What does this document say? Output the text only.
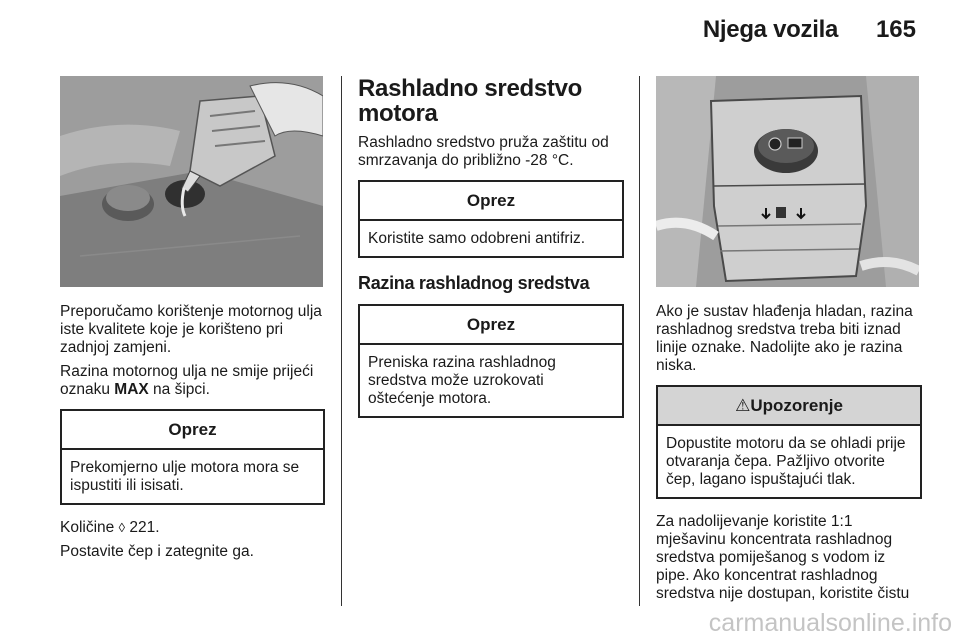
Njega vozila 165

Preporučamo korištenje motornog ulja iste kvalitete koje je korišteno pri zadnjoj zamjeni.

Razina motornog ulja ne smije prijeći oznaku MAX na šipci.

Oprez
Prekomjerno ulje motora mora se ispustiti ili isisati.

Količine ◊ 221.

Postavite čep i zategnite ga.

Rashladno sredstvo motora

Rashladno sredstvo pruža zaštitu od smrzavanja do približno -28 °C.

Oprez
Koristite samo odobreni antifriz.
Razina rashladnog sredstva
Oprez
Preniska razina rashladnog sredstva može uzrokovati oštećenje motora.

Ako je sustav hlađenja hladan, razina rashladnog sredstva treba biti iznad linije oznake. Nadolijte ako je razina niska.

⚠Upozorenje
Dopustite motoru da se ohladi prije otvaranja čepa. Pažljivo otvorite čep, lagano ispuštajući tlak.

Za nadolijevanje koristite 1:1 mješavinu koncentrata rashladnog sredstva pomiješanog s vodom iz pipe. Ako koncentrat rashladnog sredstva nije dostupan, koristite čistu

carmanualsonline.info
